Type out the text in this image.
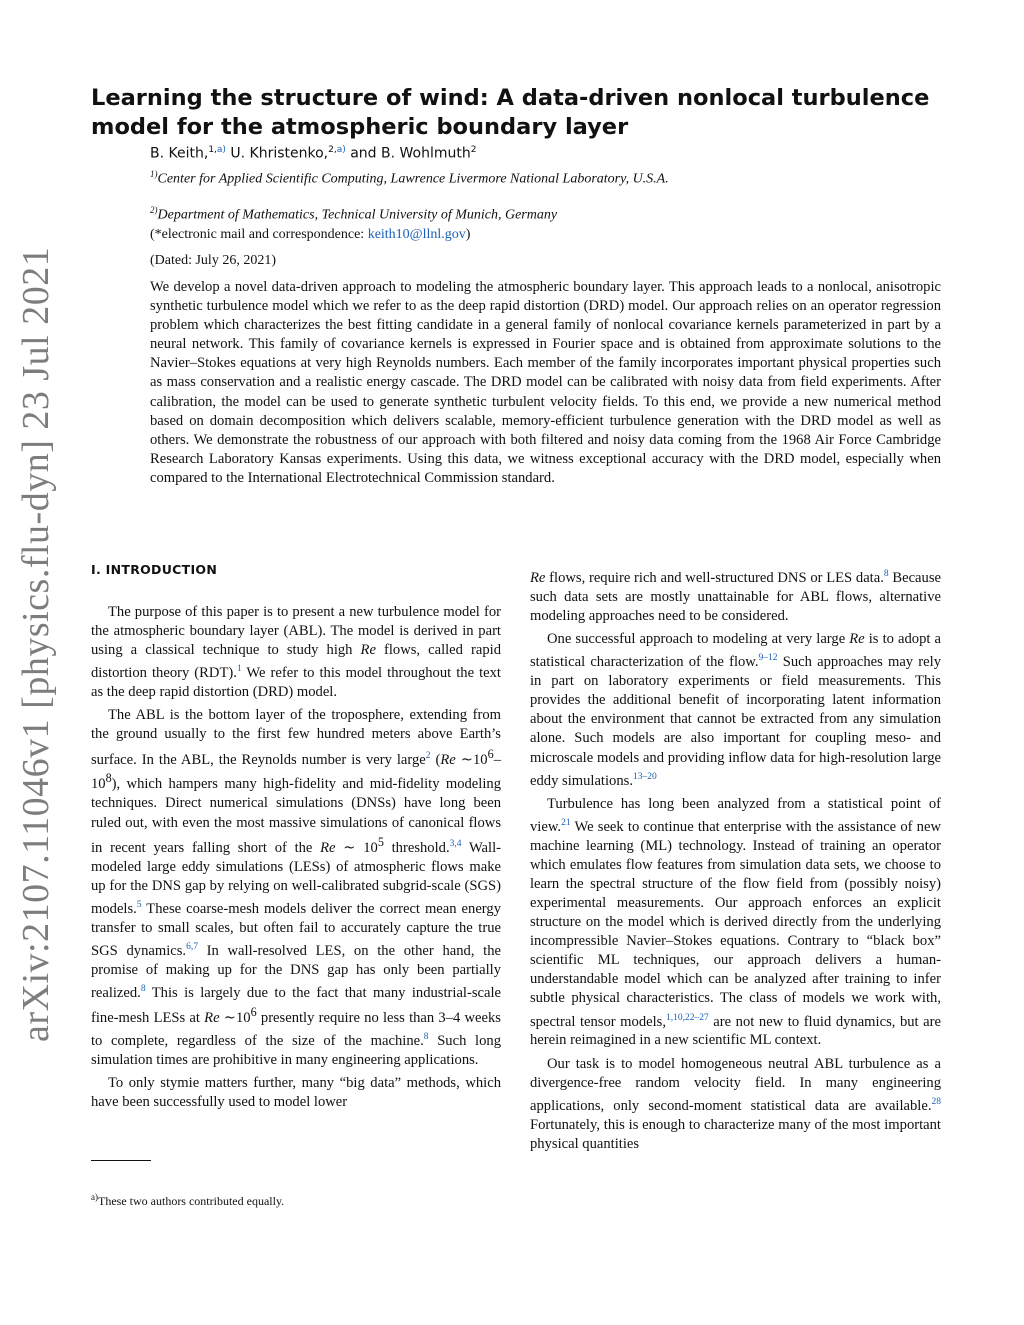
arXiv:2107.11046v1 [physics.flu-dyn] 23 Jul 2021
Learning the structure of wind: A data-driven nonlocal turbulence model for the atmospheric boundary layer
B. Keith,$^{1,a)}$ U. Khristenko,$^{2,a)}$ and B. Wohlmuth$^2$
$^{1)}$Center for Applied Scientific Computing, Lawrence Livermore National Laboratory, U.S.A.
$^{2)}$Department of Mathematics, Technical University of Munich, Germany
(*electronic mail and correspondence: keith10@llnl.gov)
(Dated: July 26, 2021)

We develop a novel data-driven approach to modeling the atmospheric boundary layer. This approach leads to a nonlocal, anisotropic synthetic turbulence model which we refer to as the deep rapid distortion (DRD) model. Our approach relies on an operator regression problem which characterizes the best fitting candidate in a general family of nonlocal covariance kernels parameterized in part by a neural network. This family of covariance kernels is expressed in Fourier space and is obtained from approximate solutions to the Navier–Stokes equations at very high Reynolds numbers. Each member of the family incorporates important physical properties such as mass conservation and a realistic energy cascade. The DRD model can be calibrated with noisy data from field experiments. After calibration, the model can be used to generate synthetic turbulent velocity fields. To this end, we provide a new numerical method based on domain decomposition which delivers scalable, memory-efficient turbulence generation with the DRD model as well as others. We demonstrate the robustness of our approach with both filtered and noisy data coming from the 1968 Air Force Cambridge Research Laboratory Kansas experiments. Using this data, we witness exceptional accuracy with the DRD model, especially when compared to the International Electrotechnical Commission standard.

I. INTRODUCTION

The purpose of this paper is to present a new turbulence model for the atmospheric boundary layer (ABL). The model is derived in part using a classical technique to study high Re flows, called rapid distortion theory (RDT).$^1$ We refer to this model throughout the text as the deep rapid distortion (DRD) model.

The ABL is the bottom layer of the troposphere, extending from the ground usually to the first few hundred meters above Earth’s surface. In the ABL, the Reynolds number is very large$^2$ (Re $\sim 10^6-10^8$), which hampers many high-fidelity and mid-fidelity modeling techniques. Direct numerical simulations (DNSs) have long been ruled out, with even the most massive simulations of canonical flows in recent years falling short of the Re ∼ $10^5$ threshold.$^{3,4}$ Wall-modeled large eddy simulations (LESs) of atmospheric flows make up for the DNS gap by relying on well-calibrated subgrid-scale (SGS) models.$^5$ These coarse-mesh models deliver the correct mean energy transfer to small scales, but often fail to accurately capture the true SGS dynamics.$^{6,7}$ In wall-resolved LES, on the other hand, the promise of making up for the DNS gap has only been partially realized.$^8$ This is largely due to the fact that many industrial-scale fine-mesh LESs at Re $\sim 10^6$ presently require no less than 3–4 weeks to complete, regardless of the size of the machine.$^8$ Such long simulation times are prohibitive in many engineering applications.

To only stymie matters further, many “big data” methods, which have been successfully used to model lower

Re flows, require rich and well-structured DNS or LES data.$^8$ Because such data sets are mostly unattainable for ABL flows, alternative modeling approaches need to be considered.

One successful approach to modeling at very large Re is to adopt a statistical characterization of the flow.$^{9-12}$ Such approaches may rely in part on laboratory experiments or field measurements. This provides the additional benefit of incorporating latent information about the environment that cannot be extracted from any simulation alone. Such models are also important for coupling meso- and microscale models and providing inflow data for high-resolution large eddy simulations.$^{13-20}$

Turbulence has long been analyzed from a statistical point of view.$^{21}$ We seek to continue that enterprise with the assistance of new machine learning (ML) technology. Instead of training an operator which emulates flow features from simulation data sets, we choose to learn the spectral structure of the flow field from (possibly noisy) experimental measurements. Our approach enforces an explicit structure on the model which is derived directly from the underlying incompressible Navier–Stokes equations. Contrary to “black box” scientific ML techniques, our approach delivers a human-understandable model which can be analyzed after training to infer subtle physical characteristics. The class of models we work with, spectral tensor models,$^{1,10,22-27}$ are not new to fluid dynamics, but are herein reimagined in a new scientific ML context.

Our task is to model homogeneous neutral ABL turbulence as a divergence-free random velocity field. In many engineering applications, only second-moment statistical data are available.$^{28}$ Fortunately, this is enough to characterize many of the most important physical quantities

$^{a)}$These two authors contributed equally.
